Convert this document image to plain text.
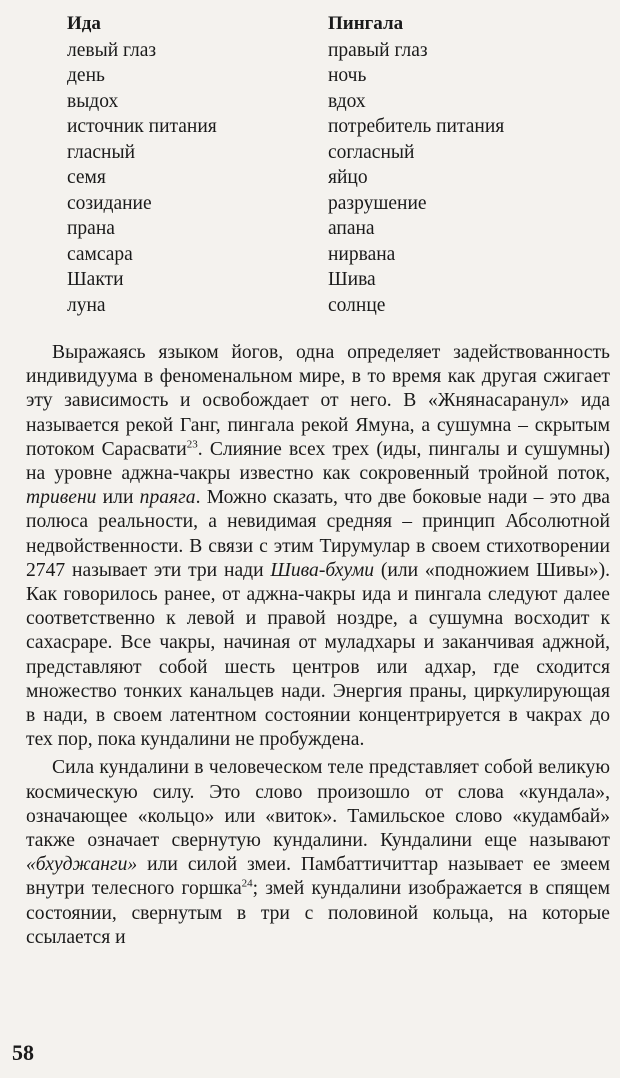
Ида	Пингала
левый глаз	правый глаз
день	ночь
выдох	вдох
источник питания	потребитель питания
гласный	согласный
семя	яйцо
созидание	разрушение
прана	апана
самсара	нирвана
Шакти	Шива
луна	солнце

Выражаясь языком йогов, одна определяет задействованность индивидуума в феноменальном мире, в то время как другая сжигает эту зависимость и освобождает от него. В «Жнянасаранул» ида называется рекой Ганг, пингала рекой Ямуна, а сушумна – скрытым потоком Сарасвати$^{23}$. Слияние всех трех (иды, пингалы и сушумны) на уровне аджна-чакры известно как сокровенный тройной поток, тривени или праяга. Можно сказать, что две боковые нади – это два полюса реальности, а невидимая средняя – принцип Абсолютной недвойственности. В связи с этим Тирумулар в своем стихотворении 2747 называет эти три нади Шива-бхуми (или «подножием Шивы»). Как говорилось ранее, от аджна-чакры ида и пингала следуют далее соответственно к левой и правой ноздре, а сушумна восходит к сахасраре. Все чакры, начиная от муладхары и заканчивая аджной, представляют собой шесть центров или адхар, где сходится множество тонких канальцев нади. Энергия праны, циркулирующая в нади, в своем латентном состоянии концентрируется в чакрах до тех пор, пока кундалини не пробуждена.

Сила кундалини в человеческом теле представляет собой великую космическую силу. Это слово произошло от слова «кундала», означающее «кольцо» или «виток». Тамильское слово «кудамбай» также означает свернутую кундалини. Кундалини еще называют «бхуджанги» или силой змеи. Памбаттичиттар называет ее змеем внутри телесного горшка$^{24}$; змей кундалини изображается в спящем состоянии, свернутым в три с половиной кольца, на которые ссылается и

58
